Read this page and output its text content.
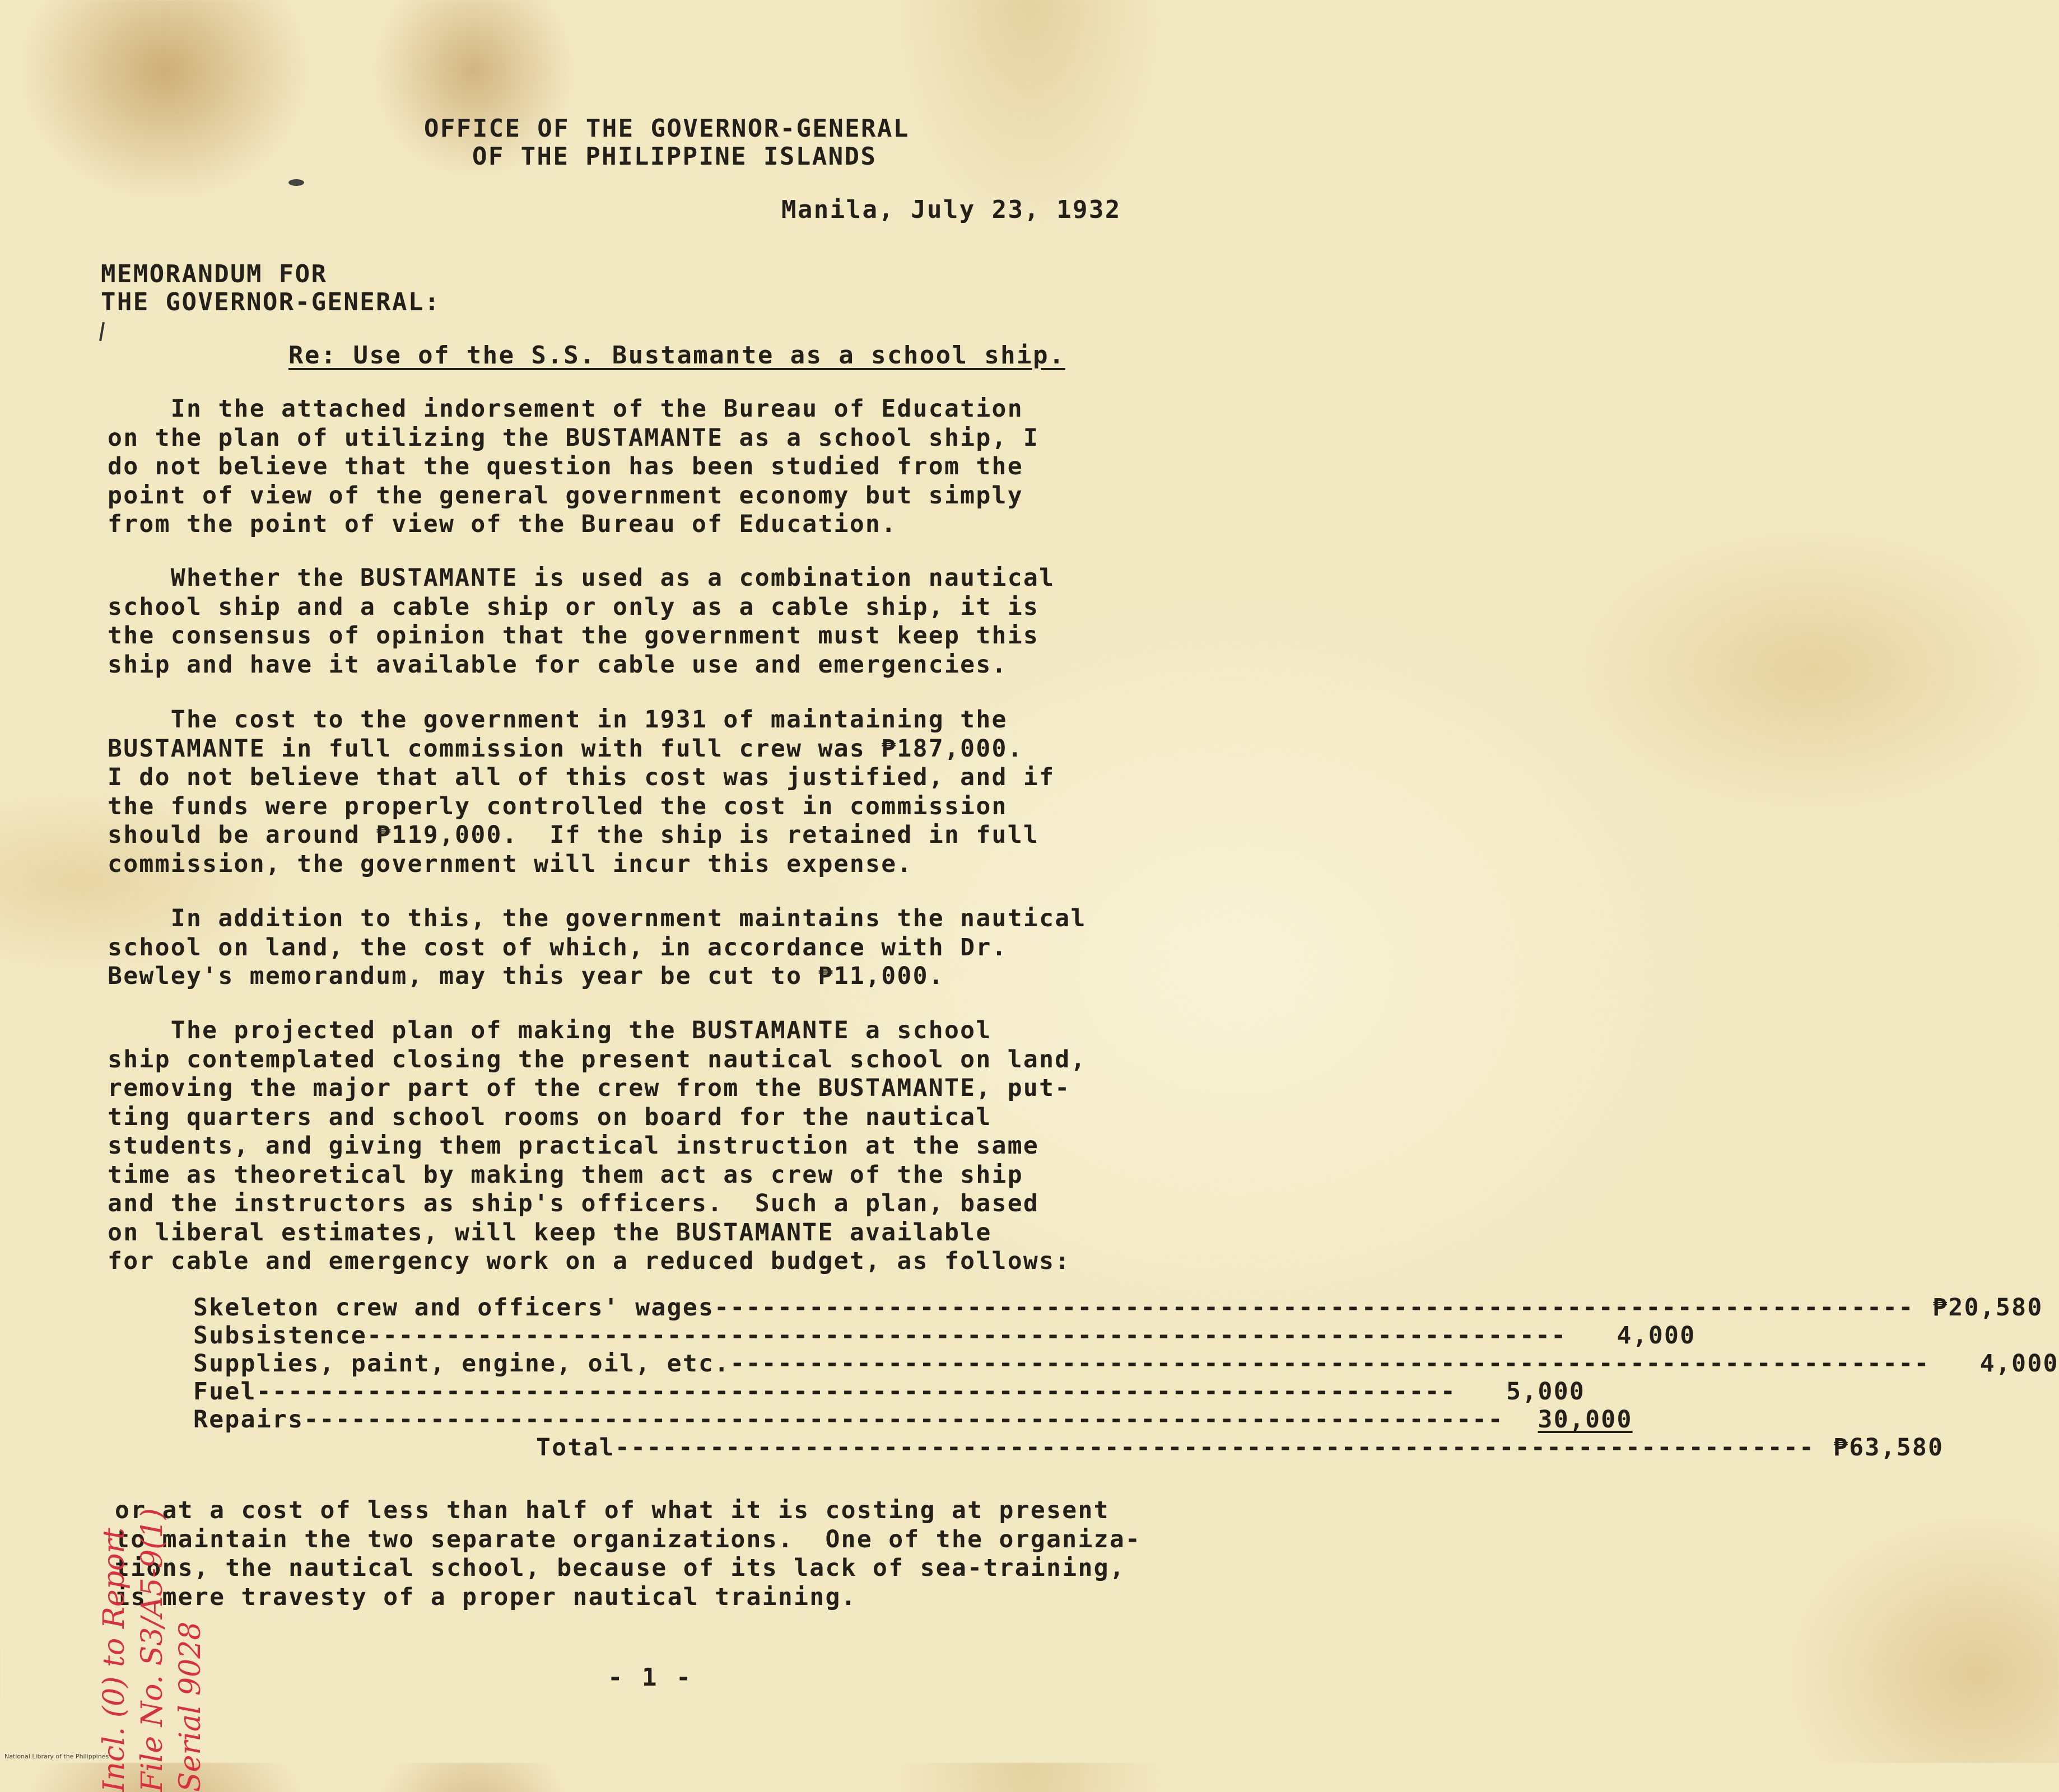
OFFICE OF THE GOVERNOR-GENERAL
OF THE PHILIPPINE ISLANDS
Manila, July 23, 1932
MEMORANDUM FOR
THE GOVERNOR-GENERAL:
Re: Use of the S.S. Bustamante as a school ship.
In the attached indorsement of the Bureau of Education
on the plan of utilizing the BUSTAMANTE as a school ship, I
do not believe that the question has been studied from the
point of view of the general government economy but simply
from the point of view of the Bureau of Education.
Whether the BUSTAMANTE is used as a combination nautical
school ship and a cable ship or only as a cable ship, it is
the consensus of opinion that the government must keep this
ship and have it available for cable use and emergencies.
The cost to the government in 1931 of maintaining the
BUSTAMANTE in full commission with full crew was ₱187,000.
I do not believe that all of this cost was justified, and if
the funds were properly controlled the cost in commission
should be around ₱119,000.  If the ship is retained in full
commission, the government will incur this expense.
In addition to this, the government maintains the nautical
school on land, the cost of which, in accordance with Dr.
Bewley's memorandum, may this year be cut to ₱11,000.
The projected plan of making the BUSTAMANTE a school
ship contemplated closing the present nautical school on land,
removing the major part of the crew from the BUSTAMANTE, put-
ting quarters and school rooms on board for the nautical
students, and giving them practical instruction at the same
time as theoretical by making them act as crew of the ship
and the instructors as ship's officers.  Such a plan, based
on liberal estimates, will keep the BUSTAMANTE available
for cable and emergency work on a reduced budget, as follows:
Skeleton crew and officers' wages ---------------------------------------------------------------------------- ₱20,580
Subsistence ----------------------------------------------------------------------------	4,000
Supplies, paint, engine, oil, etc. ----------------------------------------------------------------------------	4,000
Fuel ----------------------------------------------------------------------------	5,000
Repairs ----------------------------------------------------------------------------	30,000
Total ---------------------------------------------------------------------------- ₱63,580
or at a cost of less than half of what it is costing at present
to maintain the two separate organizations.  One of the organiza-
tions, the nautical school, because of its lack of sea-training,
is mere travesty of a proper nautical training.
Incl. (0) to Report File No. S3/A5-9(1) Serial 9028	- 1 -
National Library of the Philippines
